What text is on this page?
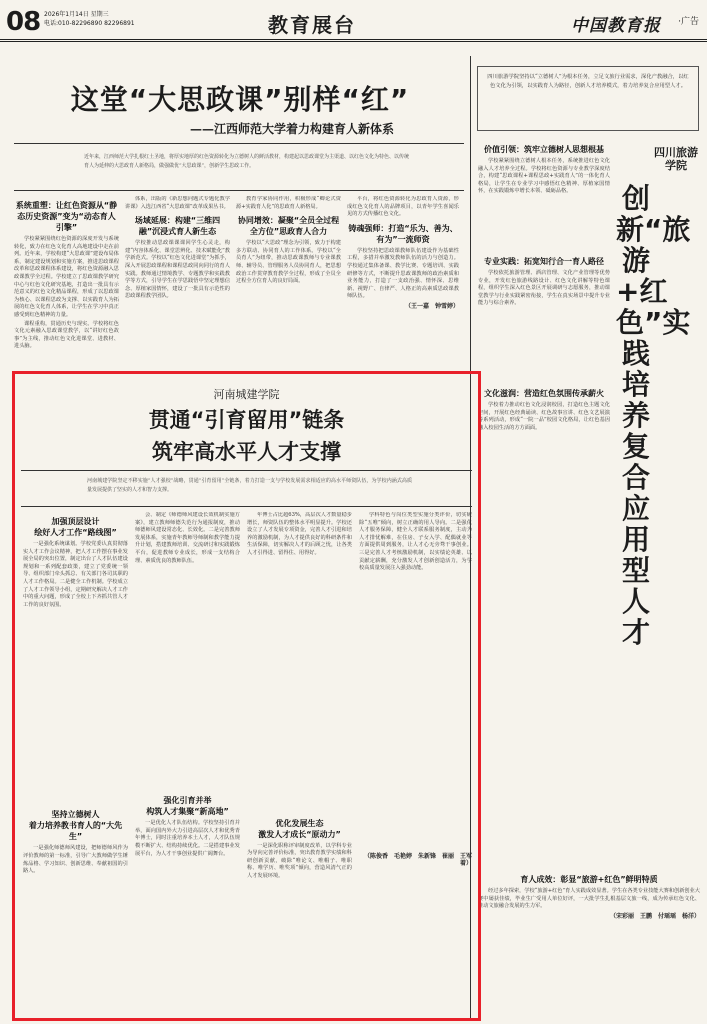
08 2026年1月14日 星期三
电话:010-82296890 82296891	教育展台	中国教育报 ·广告
这堂“大思政课”别样“红”
——江西师范大学着力构建育人新体系
近年来，江西师范大学扎根红土圣地，将厚实地厚的红色资源转化为立德树人的鲜活教材，构建起以思政课堂为主渠道、以红色文化为特色、以传统育人为延伸的大思政育人新格局，做强做优“大思政课”，创新学生思政工作。
系统重塑：让红色资源从“静态历史资源”变为“动态育人引擎”

学校紧紧围绕红色资源的深度开发与系统转化，致力在红色文化育人高地建设中走在前列。近年来，学校构建“大思政课”建设布局体系，制定建设规划和实施方案，推进思政课程改革和思政课程体系建设，将红色资源融入思政课教学全过程。学校建立了思政课教学研究中心与红色文化研究基地，打造出一批具有示范意义的红色文化精品课程，形成了以思政课为核心、以课程思政为支撑、以实践育人为拓展的红色文化育人体系，让学生在学习中真正感受到红色精神的力量。

课程重构，贯通历史与现实。学校将红色文化元素融入思政课堂教学，以“讲好红色故事”为主线，推动红色文化进课堂、进教材、进头脑。

体系，出版的《新思想问题式专题化教学讲课》入选江西省“大思政课”改革成果丛书。

场域延展：构建“三维四融”沉浸式育人新生态

学校推动思政课课课回学生心灵走，构建“内容体系化、课堂思辨化、技术赋能化”教学新范式。学校以“红色文化进课堂”为抓手，深入开展思政课程和课程思政同向同行的育人实践。教师通过情境教学、专题教学和实践教学等方式，引导学生在学思践悟中坚定理想信念、厚植家国情怀，建设了一批具有示范性的思政课程教学团队。

教育学家协同作用，积极形成“卿论式资源+实践育人化”的思政育人新格局。

协同增效：凝聚“全员全过程全方位”思政育人合力

学校以“大思政”理念为引领，致力于构建多方联动、协同育人的工作体系。学校以“全员育人”为纽带，推动思政课教师与专业课教师、辅导员、管理服务人员协同育人，把思想政治工作贯穿教育教学全过程，形成了全员全过程全方位育人的良好局面。

平台，将红色资源转化为思政育人资源，形成红色文化育人的品牌项目，以青年学生喜闻乐见的方式传播红色文化。

铸魂强师：打造“乐为、善为、有为”一流师资

学校坚持把思政课教师队伍建设作为基础性工程，多措并举激发教师队伍的活力与创造力。学校通过集体备课、教学比赛、专题培训、实践研修等方式，不断提升思政课教师的政治素质和业务能力，打造了一支政治强、情怀深、思维新、视野广、自律严、人格正的高素质思政课教师队伍。

（王一嘉　钟雪婷）
四川旅游学院坚持以“立德树人”为根本任务，立足文旅行业需求，深化产教融合，以红色文化为引领，以实践育人为路径，创新人才培养模式，着力培养复合应用型人才。
四川旅游学院
创新“旅游+红色”实践 培养复合应用型人才
价值引领：筑牢立德树人思想根基

学校紧紧围绕立德树人根本任务，系统推进红色文化融入人才培养全过程。学校将红色资源与专业教学深度结合，构建“思政课程+课程思政+实践育人”的一体化育人格局，让学生在专业学习中感悟红色精神、厚植家国情怀，在实践锻炼中增长本领、砥砺品格。

专业实践：拓宽知行合一育人路径

学校依托旅游管理、酒店管理、文化产业管理等优势专业，开发红色旅游线路设计、红色文化讲解等特色课程，组织学生深入红色景区开展调研与志愿服务，推动课堂教学与行业实践紧密衔接，学生在真实场景中提升专业能力与综合素养。

文化滋润：营造红色氛围传承薪火

学校着力推动红色文化浸润校园，打造红色主题文化空间，开展红色经典诵读、红色故事宣讲、红色文艺展演等系列活动，形成“一院一品”校园文化格局，让红色基因融入校园生活的方方面面。

育人成效：彰显“旅游+红色”鲜明特质

经过多年探索，学校“旅游+红色”育人实践成效显著。学生在各类专业技能大赛和创新创业大赛中屡获佳绩，毕业生广受用人单位好评，一大批学生扎根基层文旅一线，成为传承红色文化、推动文旅融合发展的生力军。

（宋彩丽　王鹏　付瑶瑶　杨洋）
河南城建学院
贯通“引育留用”链条
筑牢高水平人才支撑
河南城建学院坚定不移实施“人才强校”战略，贯通“引育留用”全链条，着力打造一支与学校发展需求相适应的高水平师资队伍，为学校内涵式高质量发展提供了坚实的人才和智力支撑。
加强顶层设计
绘好人才工作“路线图”

一是强化系统谋划。学校党委认真贯彻落实人才工作会议精神，把人才工作摆在事业发展全局的突出位置，制定出台了人才队伍建设规划和一系列配套政策，建立了党委统一领导、组织部门牵头抓总、有关部门各司其职的人才工作格局。二是健全工作机制。学校成立了人才工作领导小组，定期研究解决人才工作中的重大问题，形成了全校上下齐抓共管人才工作的良好氛围。

坚持立德树人
着力培养教书育人的“大先生”

一是强化师德师风建设，把师德师风作为评价教师的第一标准，引导广大教师做学生锤炼品格、学习知识、创新思维、奉献祖国的引路人。

会、制定《师德师风建设长效机制实施方案》，建立教师师德失范行为通报制度，推动师德师风建设常态化、长效化。二是完善教师发展体系，实施青年教师导师制和教学能力提升计划，搭建教师培训、交流研讨和实践锻炼平台，促进教师专业成长，形成一支结构合理、素质优良的教师队伍。

强化引育并举
构筑人才集聚“新高地”

一是优化人才队伍结构。学校坚持引育并举，面向国内外大力引进高层次人才和优秀青年博士，同时注重培养本土人才，人才队伍规模不断扩大、结构持续优化。二是搭建事业发展平台，为人才干事创业提供广阔舞台。

年博士占比超63%，高层次人才数量稳步增长，师资队伍的整体水平明显提升。学校还设立了人才发展专项资金，完善人才引进和培养的激励机制，为人才提供良好的科研条件和生活保障，切实解决人才的后顾之忧，让各类人才引得进、留得住、用得好。

优化发展生态
激发人才成长“原动力”

一是深化职称评审制度改革，以学科专业为导向完善评价标准，突出教育教学实绩和科研创新贡献，破除“唯论文、唯帽子、唯职称、唯学历、唯奖项”倾向，营造风清气正的人才发展环境。

学科特色与岗位类型实施分类评价，切实破除“五唯”倾向，树立正确的用人导向。二是强化人才服务保障，健全人才联系服务制度，主动为人才排忧解难，在住房、子女入学、配偶就业等方面提供周到服务，让人才心无旁骛干事创业。三是完善人才考核激励机制，以实绩论英雄、以贡献定薪酬，充分激发人才创新创造活力，为学校高质量发展注入强劲动能。

（陈俊香　毛艳婷　朱新锋　崔丽　王军着）
